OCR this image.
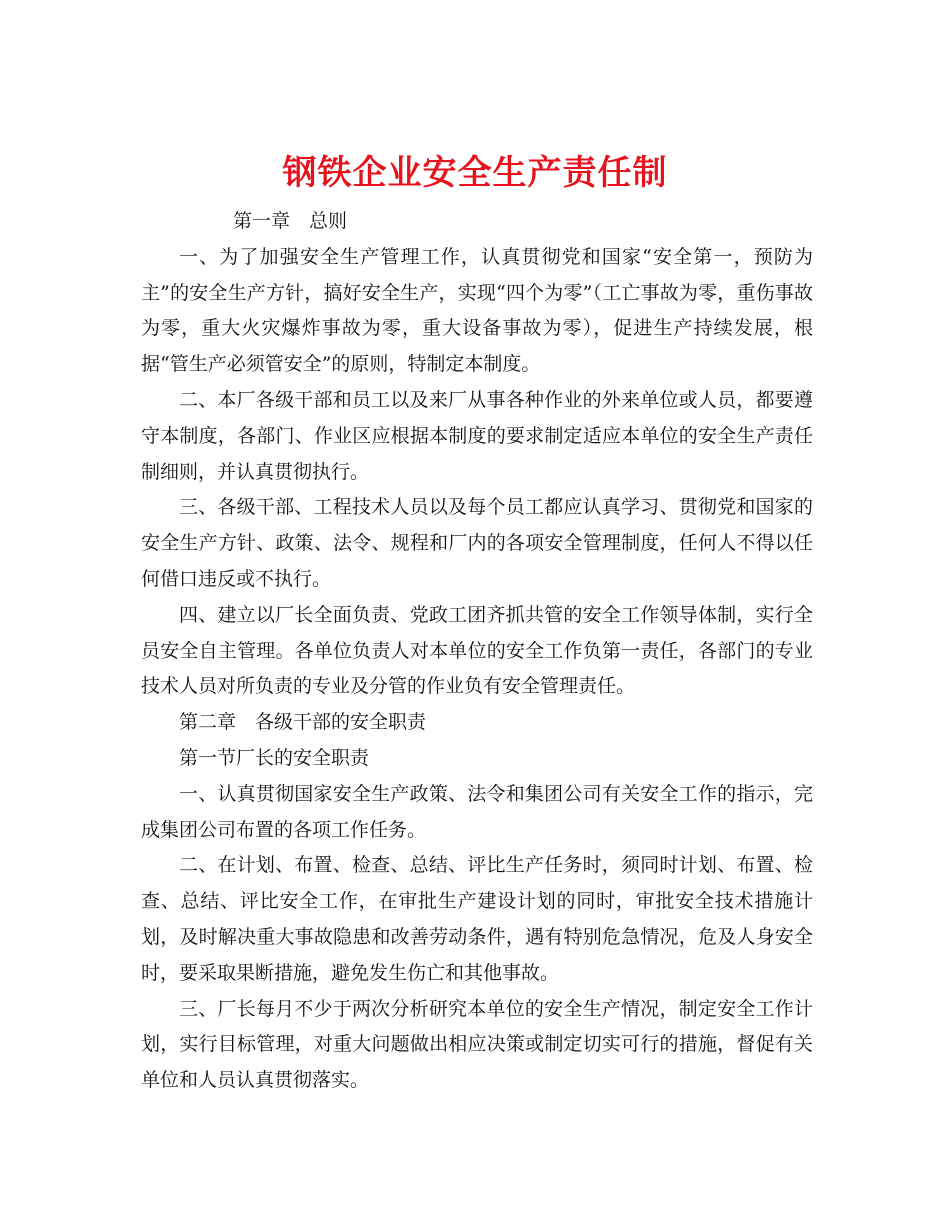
钢铁企业安全生产责任制

第一章　总则

一、为了加强安全生产管理工作，认真贯彻党和国家“安全第一，预防为主”的安全生产方针，搞好安全生产，实现“四个为零”（工亡事故为零，重伤事故为零，重大火灾爆炸事故为零，重大设备事故为零），促进生产持续发展，根据“管生产必须管安全”的原则，特制定本制度。

二、本厂各级干部和员工以及来厂从事各种作业的外来单位或人员，都要遵守本制度，各部门、作业区应根据本制度的要求制定适应本单位的安全生产责任制细则，并认真贯彻执行。

三、各级干部、工程技术人员以及每个员工都应认真学习、贯彻党和国家的安全生产方针、政策、法令、规程和厂内的各项安全管理制度，任何人不得以任何借口违反或不执行。

四、建立以厂长全面负责、党政工团齐抓共管的安全工作领导体制，实行全员安全自主管理。各单位负责人对本单位的安全工作负第一责任，各部门的专业技术人员对所负责的专业及分管的作业负有安全管理责任。

第二章　各级干部的安全职责

第一节厂长的安全职责

一、认真贯彻国家安全生产政策、法令和集团公司有关安全工作的指示，完成集团公司布置的各项工作任务。

二、在计划、布置、检查、总结、评比生产任务时，须同时计划、布置、检查、总结、评比安全工作，在审批生产建设计划的同时，审批安全技术措施计划，及时解决重大事故隐患和改善劳动条件，遇有特别危急情况，危及人身安全时，要采取果断措施，避免发生伤亡和其他事故。

三、厂长每月不少于两次分析研究本单位的安全生产情况，制定安全工作计划，实行目标管理，对重大问题做出相应决策或制定切实可行的措施，督促有关单位和人员认真贯彻落实。
